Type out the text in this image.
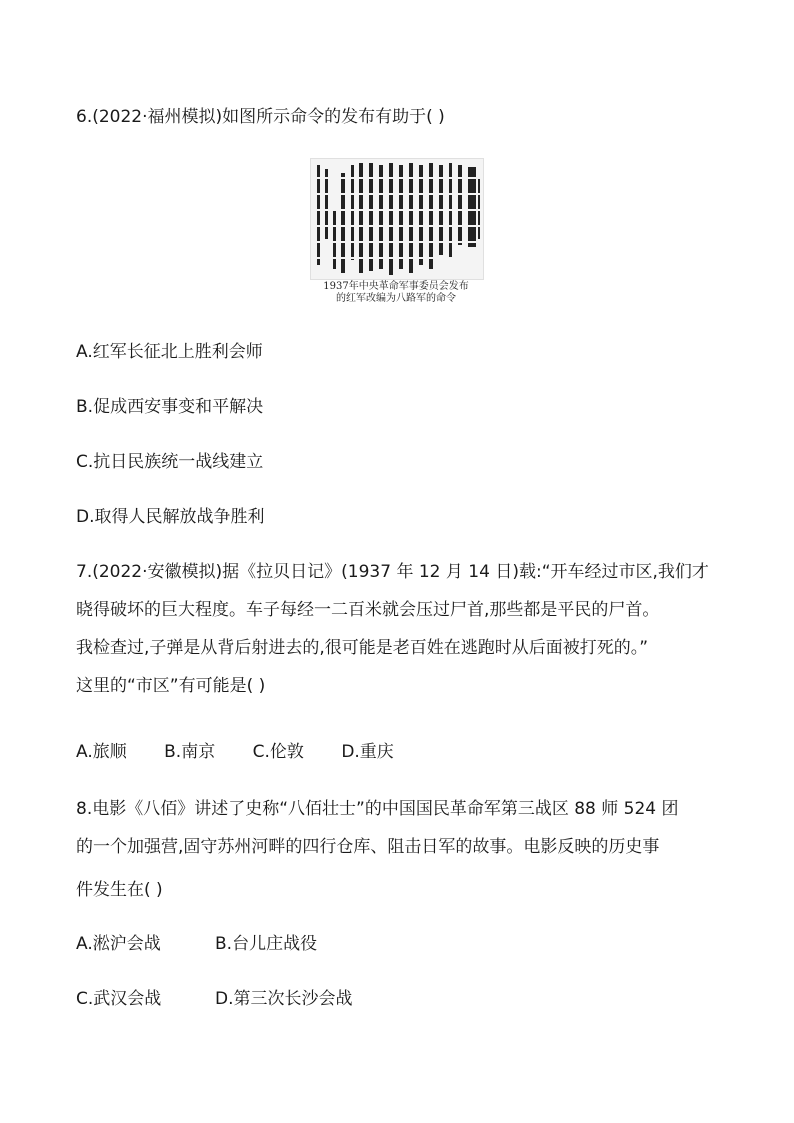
6.(2022·福州模拟)如图所示命令的发布有助于( )
1937年中央革命军事委员会发布
的红军改编为八路军的命令
A.红军长征北上胜利会师
B.促成西安事变和平解决
C.抗日民族统一战线建立
D.取得人民解放战争胜利
7.(2022·安徽模拟)据《拉贝日记》(1937 年 12 月 14 日)载:“开车经过市区,我们才
晓得破坏的巨大程度。车子每经一二百米就会压过尸首,那些都是平民的尸首。
我检查过,子弹是从背后射进去的,很可能是老百姓在逃跑时从后面被打死的。”
这里的“市区”有可能是( )
A.旅顺 B.南京 C.伦敦 D.重庆
8.电影《八佰》讲述了史称“八佰壮士”的中国国民革命军第三战区 88 师 524 团
的一个加强营,固守苏州河畔的四行仓库、阻击日军的故事。电影反映的历史事
件发生在( )
A.淞沪会战	B.台儿庄战役
C.武汉会战	D.第三次长沙会战
